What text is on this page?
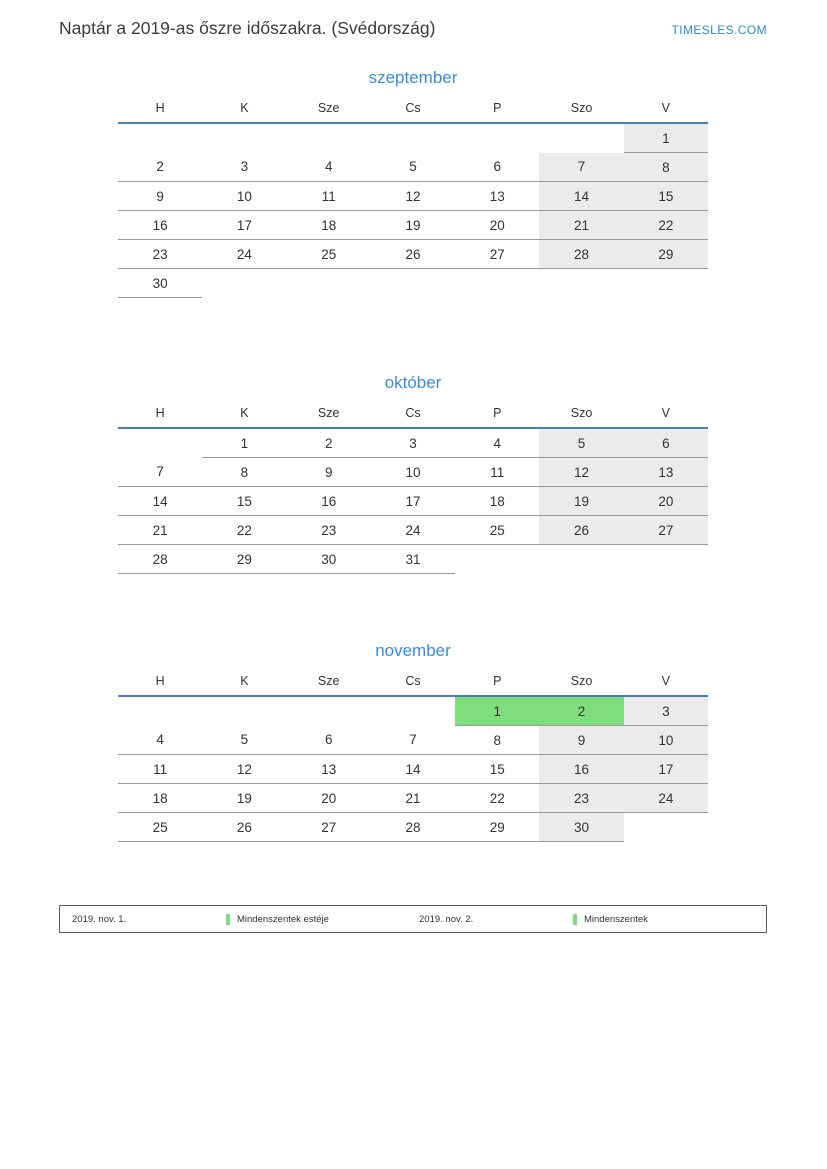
Naptár a 2019-as őszre időszakra. (Svédország)	TIMESLES.COM
szeptember
H	K	Sze	Cs	P	Szo	V
						1
2	3	4	5	6	7	8
9	10	11	12	13	14	15
16	17	18	19	20	21	22
23	24	25	26	27	28	29
30						
október
H	K	Sze	Cs	P	Szo	V
	1	2	3	4	5	6
7	8	9	10	11	12	13
14	15	16	17	18	19	20
21	22	23	24	25	26	27
28	29	30	31			
november
H	K	Sze	Cs	P	Szo	V
				1	2	3
4	5	6	7	8	9	10
11	12	13	14	15	16	17
18	19	20	21	22	23	24
25	26	27	28	29	30	
2019. nov. 1.	Mindenszentek estéje	2019. nov. 2.	Mindenszentek
